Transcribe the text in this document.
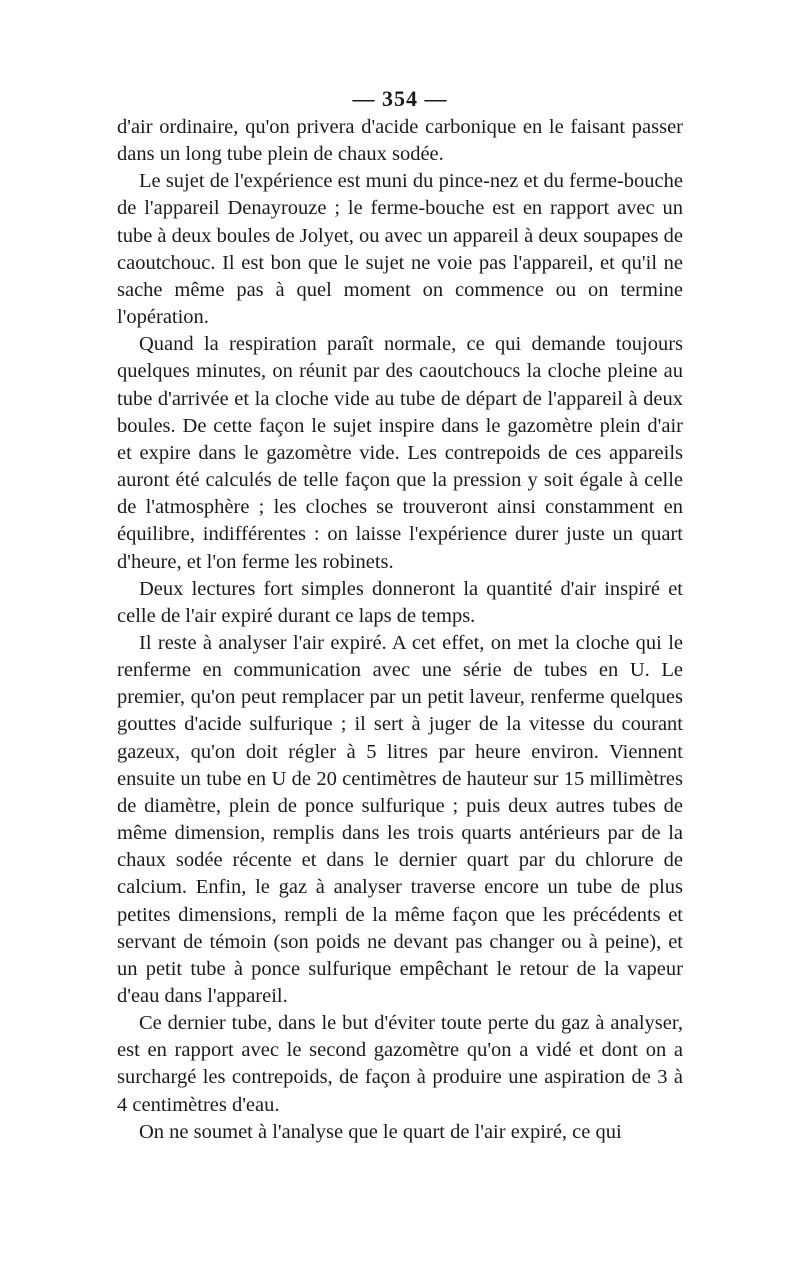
— 354 —

d'air ordinaire, qu'on privera d'acide carbonique en le faisant passer dans un long tube plein de chaux sodée.

Le sujet de l'expérience est muni du pince-nez et du ferme-bouche de l'appareil Denayrouze ; le ferme-bouche est en rapport avec un tube à deux boules de Jolyet, ou avec un appareil à deux soupapes de caoutchouc. Il est bon que le sujet ne voie pas l'appareil, et qu'il ne sache même pas à quel moment on commence ou on termine l'opération.

Quand la respiration paraît normale, ce qui demande toujours quelques minutes, on réunit par des caoutchoucs la cloche pleine au tube d'arrivée et la cloche vide au tube de départ de l'appareil à deux boules. De cette façon le sujet inspire dans le gazomètre plein d'air et expire dans le gazomètre vide. Les contrepoids de ces appareils auront été calculés de telle façon que la pression y soit égale à celle de l'atmosphère ; les cloches se trouveront ainsi constamment en équilibre, indifférentes : on laisse l'expérience durer juste un quart d'heure, et l'on ferme les robinets.

Deux lectures fort simples donneront la quantité d'air inspiré et celle de l'air expiré durant ce laps de temps.

Il reste à analyser l'air expiré. A cet effet, on met la cloche qui le renferme en communication avec une série de tubes en U. Le premier, qu'on peut remplacer par un petit laveur, renferme quelques gouttes d'acide sulfurique ; il sert à juger de la vitesse du courant gazeux, qu'on doit régler à 5 litres par heure environ. Viennent ensuite un tube en U de 20 centimètres de hauteur sur 15 millimètres de diamètre, plein de ponce sulfurique ; puis deux autres tubes de même dimension, remplis dans les trois quarts antérieurs par de la chaux sodée récente et dans le dernier quart par du chlorure de calcium. Enfin, le gaz à analyser traverse encore un tube de plus petites dimensions, rempli de la même façon que les précédents et servant de témoin (son poids ne devant pas changer ou à peine), et un petit tube à ponce sulfurique empêchant le retour de la vapeur d'eau dans l'appareil.

Ce dernier tube, dans le but d'éviter toute perte du gaz à analyser, est en rapport avec le second gazomètre qu'on a vidé et dont on a surchargé les contrepoids, de façon à produire une aspiration de 3 à 4 centimètres d'eau.

On ne soumet à l'analyse que le quart de l'air expiré, ce qui
